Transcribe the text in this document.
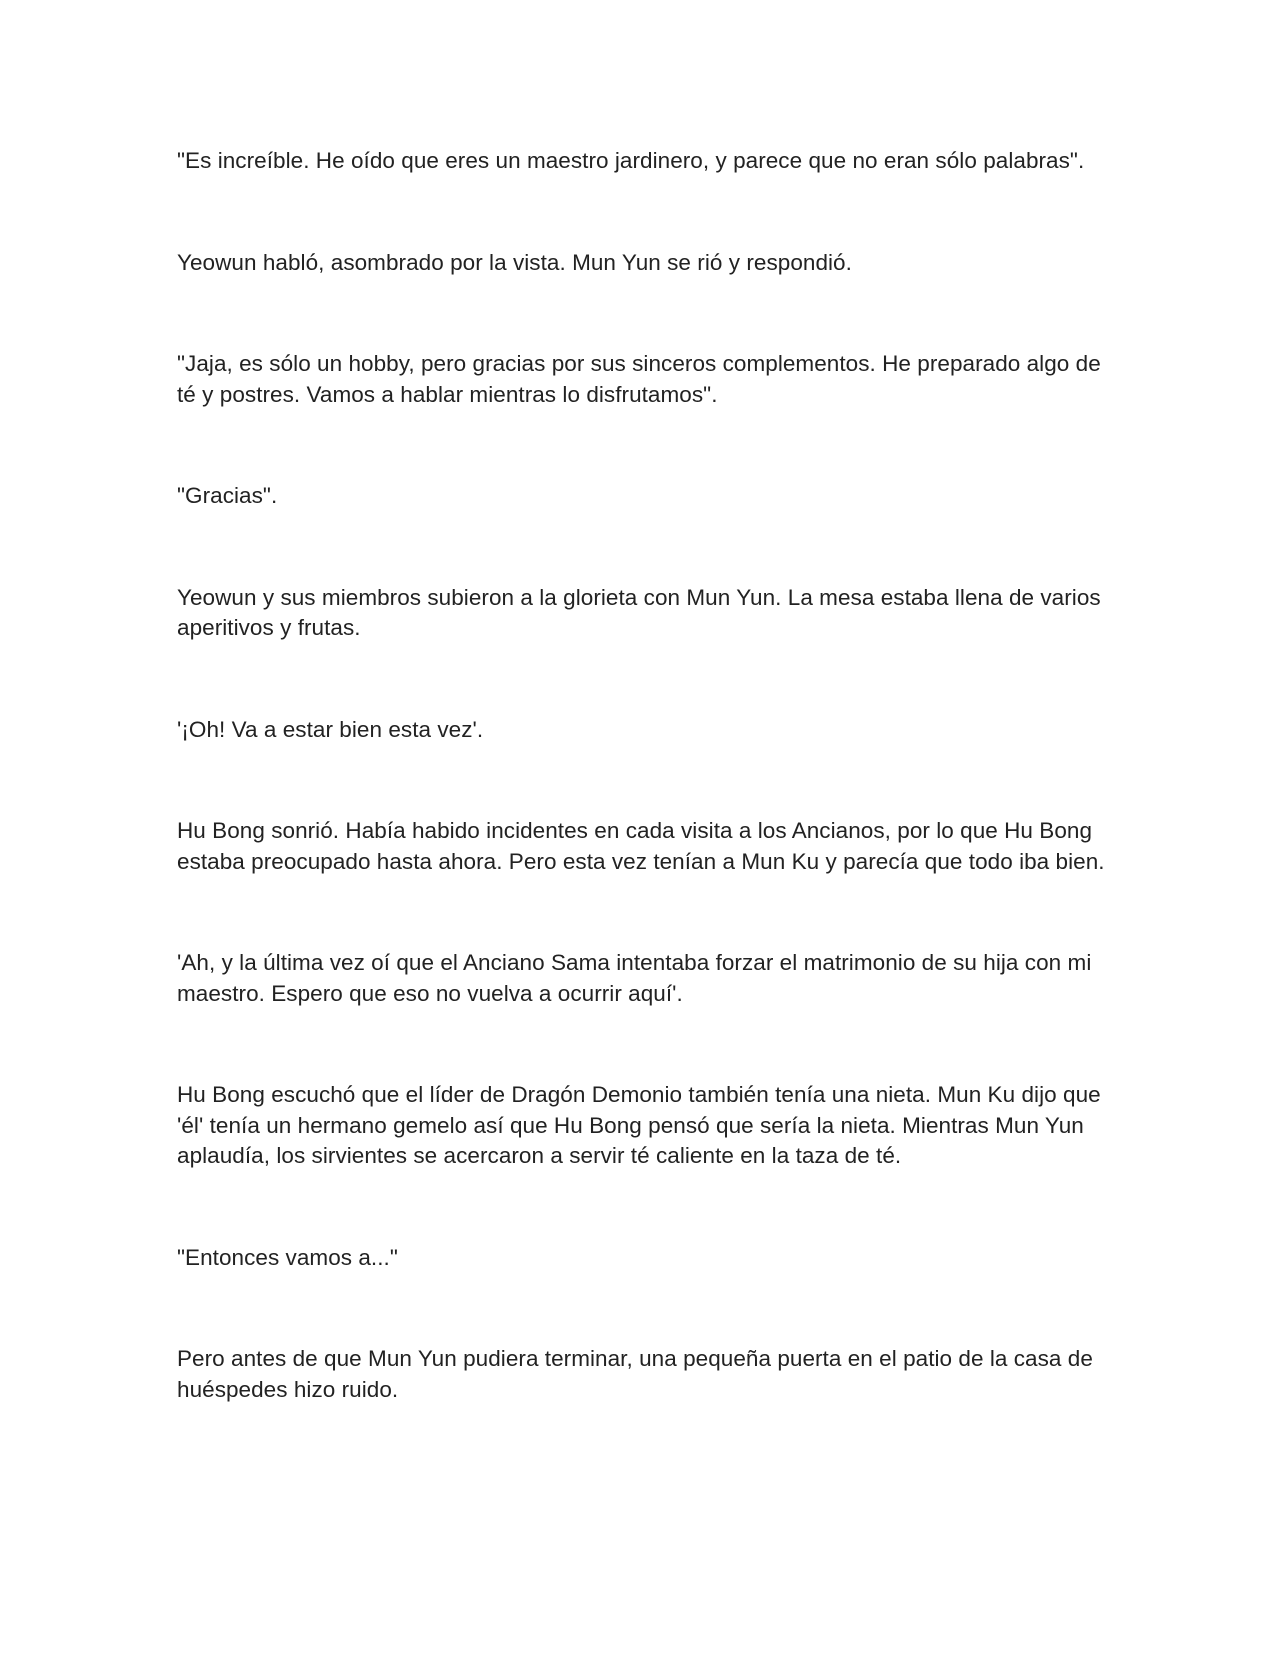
"Es increíble. He oído que eres un maestro jardinero, y parece que no eran sólo palabras".

Yeowun habló, asombrado por la vista. Mun Yun se rió y respondió.

"Jaja, es sólo un hobby, pero gracias por sus sinceros complementos. He preparado algo de té y postres. Vamos a hablar mientras lo disfrutamos".

"Gracias".

Yeowun y sus miembros subieron a la glorieta con Mun Yun. La mesa estaba llena de varios aperitivos y frutas.

'¡Oh! Va a estar bien esta vez'.

Hu Bong sonrió. Había habido incidentes en cada visita a los Ancianos, por lo que Hu Bong estaba preocupado hasta ahora. Pero esta vez tenían a Mun Ku y parecía que todo iba bien.

'Ah, y la última vez oí que el Anciano Sama intentaba forzar el matrimonio de su hija con mi maestro. Espero que eso no vuelva a ocurrir aquí'.

Hu Bong escuchó que el líder de Dragón Demonio también tenía una nieta. Mun Ku dijo que 'él' tenía un hermano gemelo así que Hu Bong pensó que sería la nieta. Mientras Mun Yun aplaudía, los sirvientes se acercaron a servir té caliente en la taza de té.

"Entonces vamos a..."

Pero antes de que Mun Yun pudiera terminar, una pequeña puerta en el patio de la casa de huéspedes hizo ruido.
